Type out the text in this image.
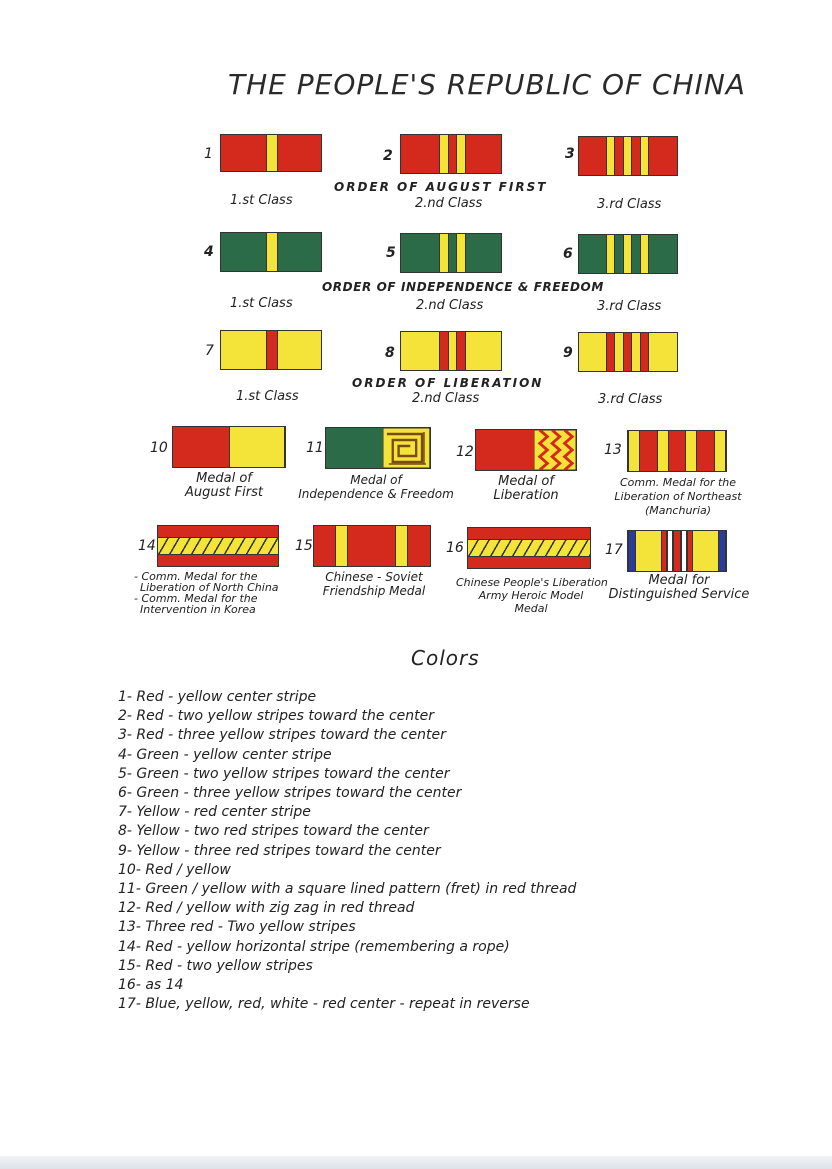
THE PEOPLE'S REPUBLIC OF CHINA
1
1.st Class
2
ORDER OF AUGUST FIRST
2.nd Class
3
3.rd Class
4
1.st Class
5
ORDER OF INDEPENDENCE & FREEDOM
2.nd Class
6
3.rd Class
7
1.st Class
8
ORDER OF LIBERATION
2.nd Class
9
3.rd Class
10
Medal of
August First
11
Medal of
Independence & Freedom
12
Medal of
Liberation
13
Comm. Medal for the
Liberation of Northeast
(Manchuria)
14
- Comm. Medal for the
Liberation of North China
- Comm. Medal for the
Intervention in Korea
15
Chinese - Soviet
Friendship Medal
16
Chinese People's Liberation
Army Heroic Model
Medal
17
Medal for
Distinguished Service
Colors
1- Red - yellow center stripe
2- Red - two yellow stripes toward the center
3- Red - three yellow stripes toward the center
4- Green - yellow center stripe
5- Green - two yellow stripes toward the center
6- Green - three yellow stripes toward the center
7- Yellow - red center stripe
8- Yellow - two red stripes toward the center
9- Yellow - three red stripes toward the center
10- Red / yellow
11- Green / yellow with a square lined pattern (fret) in red thread
12- Red / yellow with zig zag in red thread
13- Three red - Two yellow stripes
14- Red - yellow horizontal stripe (remembering a rope)
15- Red - two yellow stripes
16- as 14
17- Blue, yellow, red, white - red center - repeat in reverse
